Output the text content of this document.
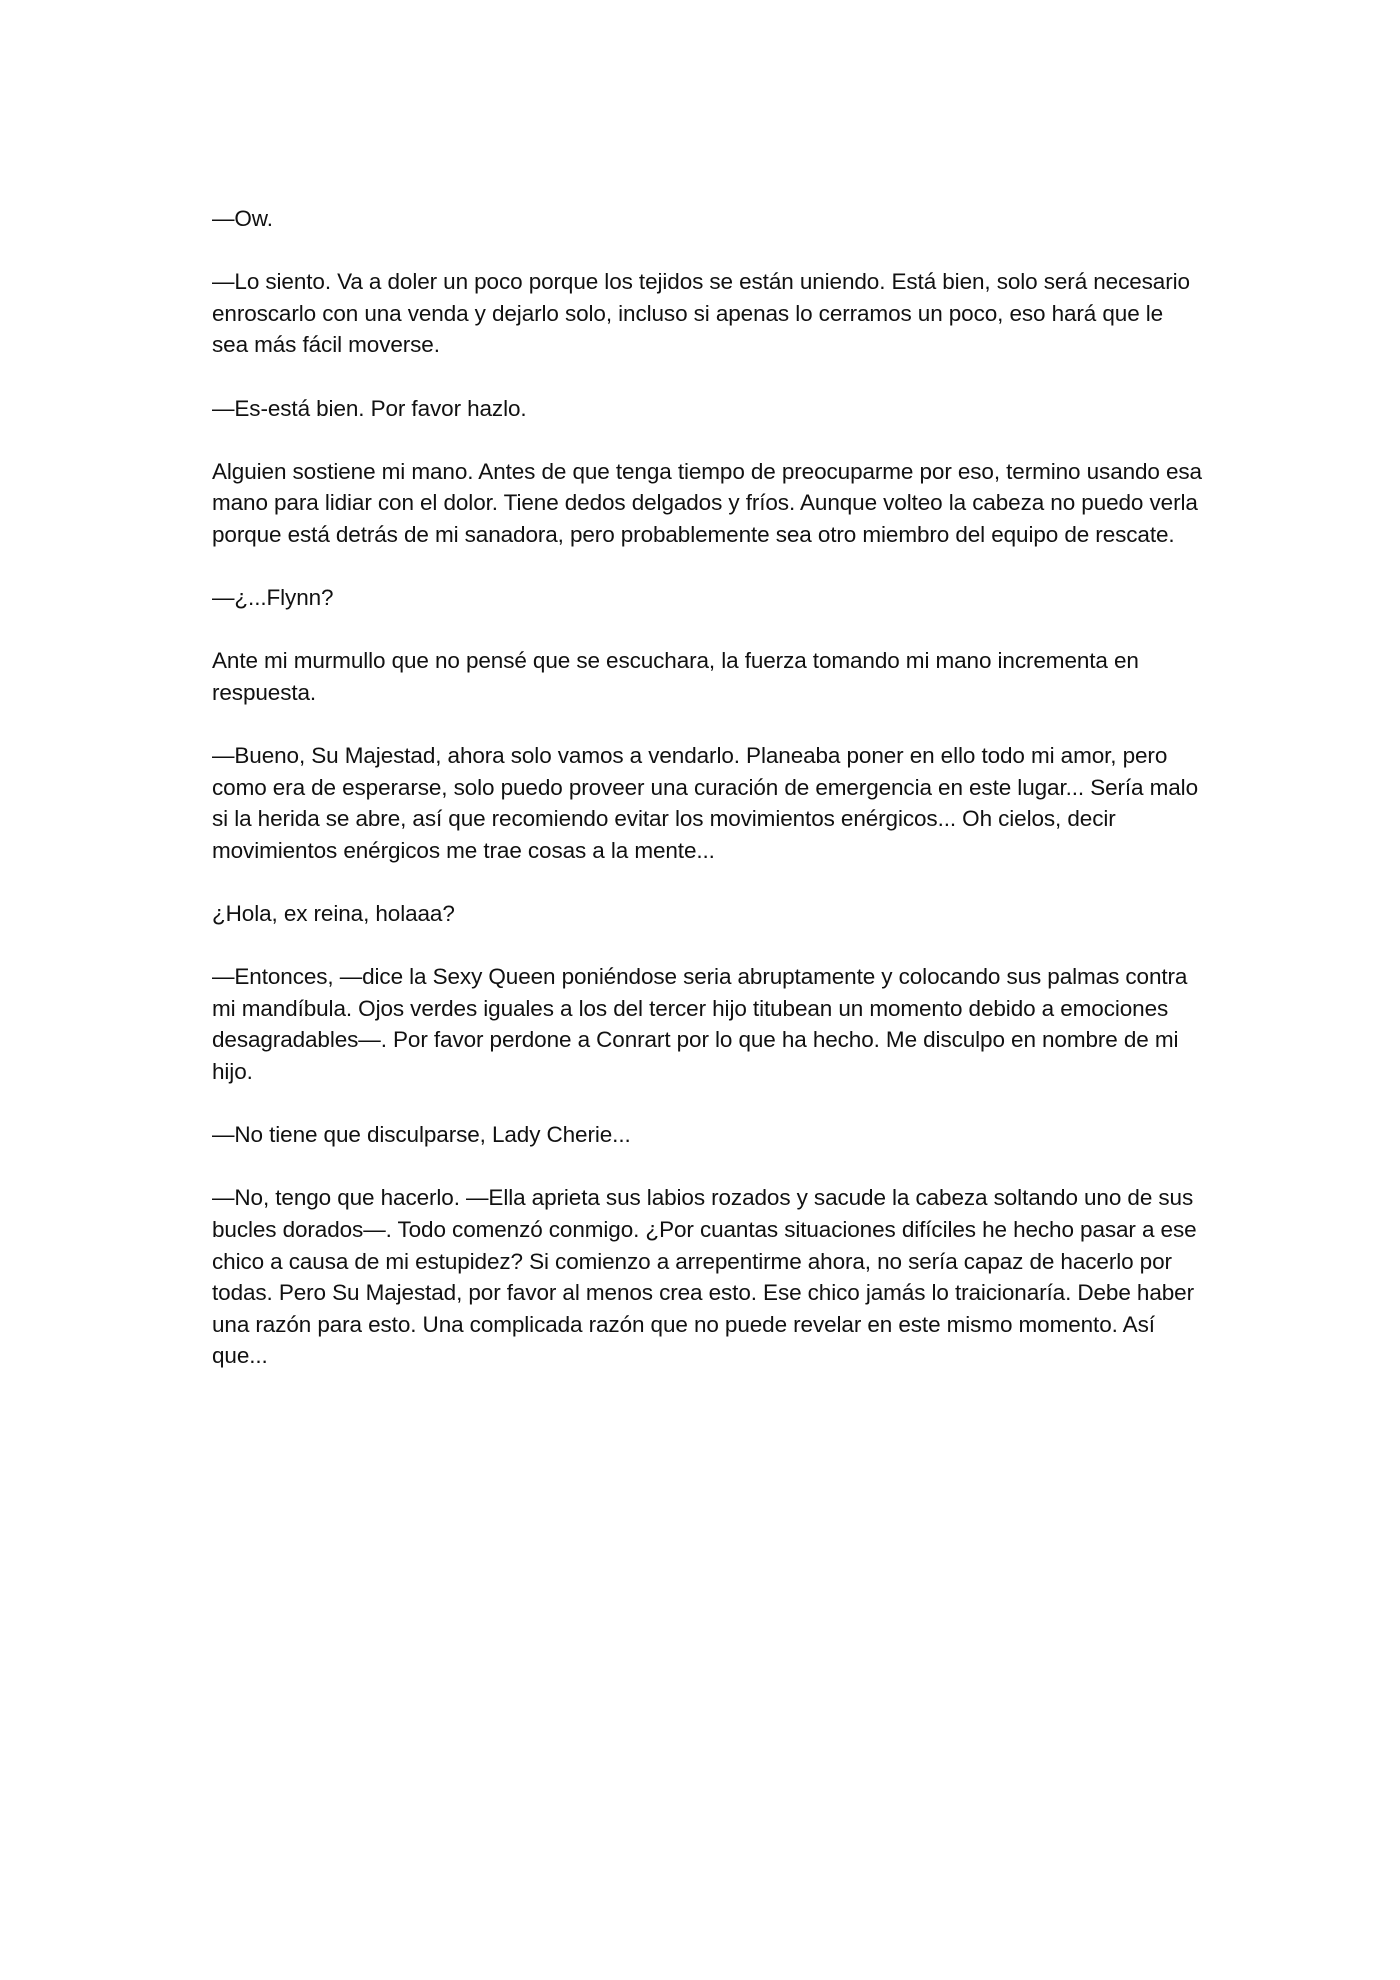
—Ow.

—Lo siento. Va a doler un poco porque los tejidos se están uniendo. Está bien, solo será necesario enroscarlo con una venda y dejarlo solo, incluso si apenas lo cerramos un poco, eso hará que le sea más fácil moverse.

—Es-está bien. Por favor hazlo.

Alguien sostiene mi mano. Antes de que tenga tiempo de preocuparme por eso, termino usando esa mano para lidiar con el dolor. Tiene dedos delgados y fríos. Aunque volteo la cabeza no puedo verla porque está detrás de mi sanadora, pero probablemente sea otro miembro del equipo de rescate.

—¿...Flynn?

Ante mi murmullo que no pensé que se escuchara, la fuerza tomando mi mano incrementa en respuesta.

—Bueno, Su Majestad, ahora solo vamos a vendarlo. Planeaba poner en ello todo mi amor, pero como era de esperarse, solo puedo proveer una curación de emergencia en este lugar... Sería malo si la herida se abre, así que recomiendo evitar los movimientos enérgicos... Oh cielos, decir movimientos enérgicos me trae cosas a la mente...

¿Hola, ex reina, holaaa?

—Entonces, —dice la Sexy Queen poniéndose seria abruptamente y colocando sus palmas contra mi mandíbula. Ojos verdes iguales a los del tercer hijo titubean un momento debido a emociones desagradables—. Por favor perdone a Conrart por lo que ha hecho. Me disculpo en nombre de mi hijo.

—No tiene que disculparse, Lady Cherie...

—No, tengo que hacerlo. —Ella aprieta sus labios rozados y sacude la cabeza soltando uno de sus bucles dorados—. Todo comenzó conmigo. ¿Por cuantas situaciones difíciles he hecho pasar a ese chico a causa de mi estupidez? Si comienzo a arrepentirme ahora, no sería capaz de hacerlo por todas. Pero Su Majestad, por favor al menos crea esto. Ese chico jamás lo traicionaría. Debe haber una razón para esto. Una complicada razón que no puede revelar en este mismo momento. Así que...
